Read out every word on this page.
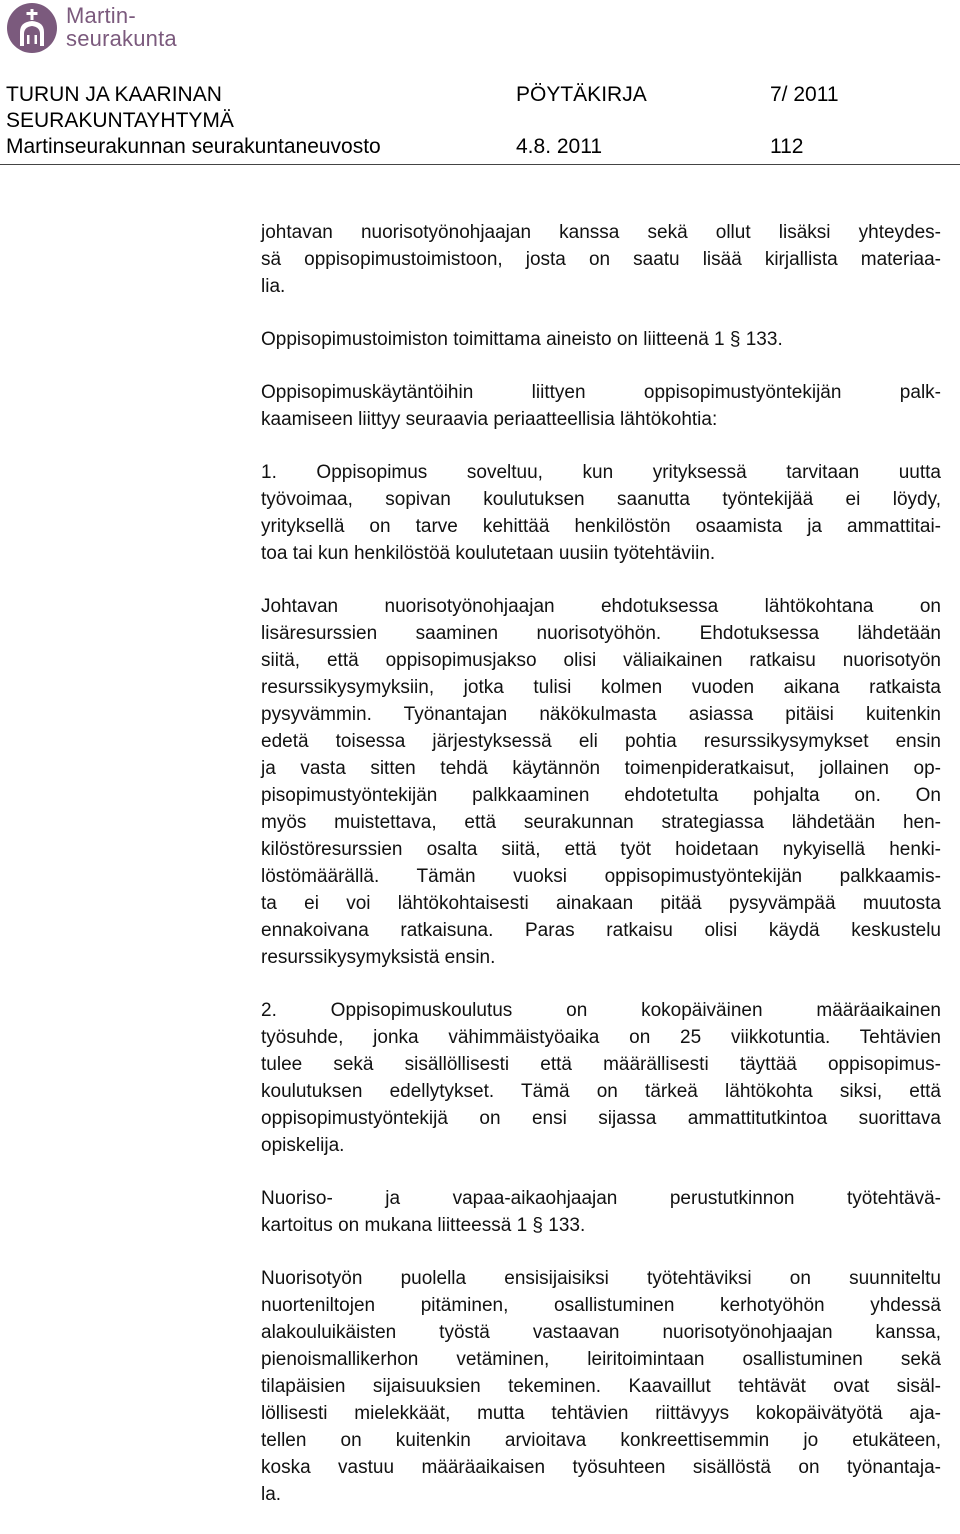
Martin-
seurakunta
TURUN JA KAARINAN
SEURAKUNTAYHTYMÄ
Martinseurakunnan seurakuntaneuvosto
PÖYTÄKIRJA	7/ 2011
4.8. 2011	112

johtavan nuorisotyönohjaajan kanssa sekä ollut lisäksi yhteydes-
sä oppisopimustoimistoon, josta on saatu lisää kirjallista materiaa-
lia.

Oppisopimustoimiston toimittama aineisto on liitteenä 1 § 133.

Oppisopimuskäytäntöihin liittyen oppisopimustyöntekijän palk-
kaamiseen liittyy seuraavia periaatteellisia lähtökohtia:

1. Oppisopimus soveltuu, kun yrityksessä tarvitaan uutta
työvoimaa, sopivan koulutuksen saanutta työntekijää ei löydy,
yrityksellä on tarve kehittää henkilöstön osaamista ja ammattitai-
toa tai kun henkilöstöä koulutetaan uusiin työtehtäviin.

Johtavan nuorisotyönohjaajan ehdotuksessa lähtökohtana on
lisäresurssien saaminen nuorisotyöhön. Ehdotuksessa lähdetään
siitä, että oppisopimusjakso olisi väliaikainen ratkaisu nuorisotyön
resurssikysymyksiin, jotka tulisi kolmen vuoden aikana ratkaista
pysyvämmin. Työnantajan näkökulmasta asiassa pitäisi kuitenkin
edetä toisessa järjestyksessä eli pohtia resurssikysymykset ensin
ja vasta sitten tehdä käytännön toimenpideratkaisut, jollainen op-
pisopimustyöntekijän palkkaaminen ehdotetulta pohjalta on. On
myös muistettava, että seurakunnan strategiassa lähdetään hen-
kilöstöresurssien osalta siitä, että työt hoidetaan nykyisellä henki-
löstömäärällä. Tämän vuoksi oppisopimustyöntekijän palkkaamis-
ta ei voi lähtökohtaisesti ainakaan pitää pysyvämpää muutosta
ennakoivana ratkaisuna. Paras ratkaisu olisi käydä keskustelu
resurssikysymyksistä ensin.

2. Oppisopimuskoulutus on kokopäiväinen määräaikainen
työsuhde, jonka vähimmäistyöaika on 25 viikkotuntia. Tehtävien
tulee sekä sisällöllisesti että määrällisesti täyttää oppisopimus-
koulutuksen edellytykset. Tämä on tärkeä lähtökohta siksi, että
oppisopimustyöntekijä on ensi sijassa ammattitutkintoa suorittava
opiskelija.

Nuoriso- ja vapaa-aikaohjaajan perustutkinnon työtehtävä-
kartoitus on mukana liitteessä 1 § 133.

Nuorisotyön puolella ensisijaisiksi työtehtäviksi on suunniteltu
nuorteniltojen pitäminen, osallistuminen kerhotyöhön yhdessä
alakouluikäisten työstä vastaavan nuorisotyönohjaajan kanssa,
pienoismallikerhon vetäminen, leiritoimintaan osallistuminen sekä
tilapäisien sijaisuuksien tekeminen. Kaavaillut tehtävät ovat sisäl-
löllisesti mielekkäät, mutta tehtävien riittävyys kokopäivätyötä aja-
tellen on kuitenkin arvioitava konkreettisemmin jo etukäteen,
koska vastuu määräaikaisen työsuhteen sisällöstä on työnantaja-
la.
